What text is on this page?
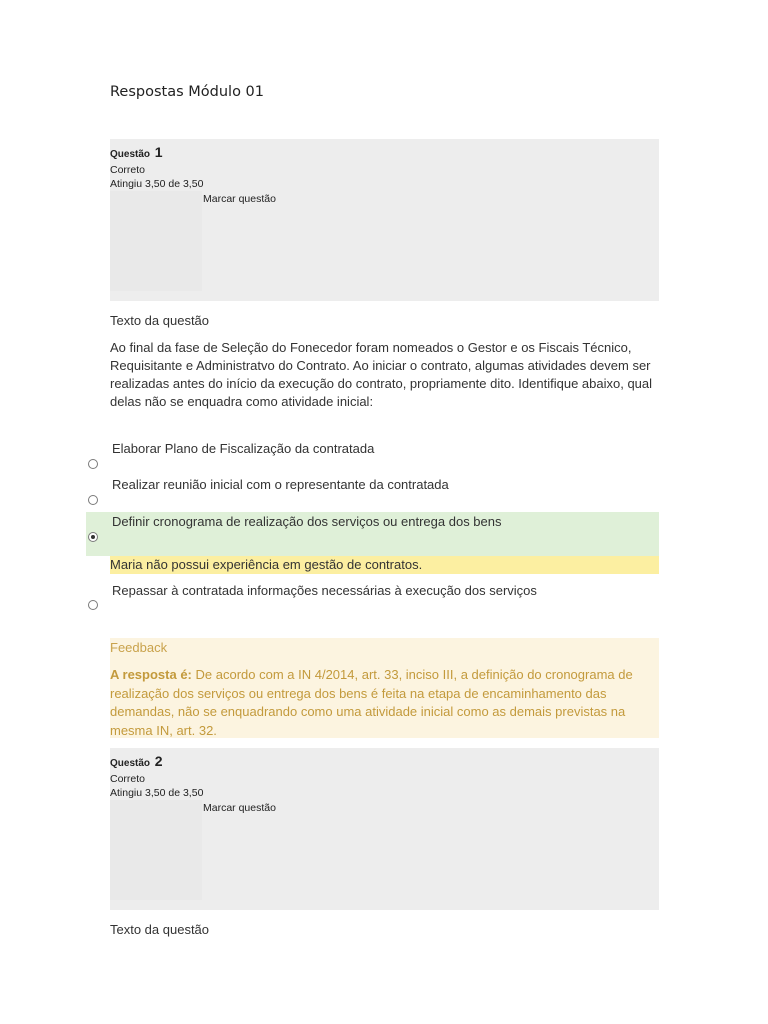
Respostas Módulo 01
Questão 1
Correto
Atingiu 3,50 de 3,50
Marcar questão
Texto da questão
Ao final da fase de Seleção do Fonecedor foram nomeados o Gestor e os Fiscais Técnico, Requisitante e Administratvo do Contrato. Ao iniciar o contrato, algumas atividades devem ser realizadas antes do início da execução do contrato, propriamente dito. Identifique abaixo, qual delas não se enquadra como atividade inicial:
Elaborar Plano de Fiscalização da contratada
Realizar reunião inicial com o representante da contratada
Definir cronograma de realização dos serviços ou entrega dos bens
Maria não possui experiência em gestão de contratos.
Repassar à contratada informações necessárias à execução dos serviços
Feedback
A resposta é: De acordo com a IN 4/2014, art. 33, inciso III, a definição do cronograma de realização dos serviços ou entrega dos bens é feita na etapa de encaminhamento das demandas, não se enquadrando como uma atividade inicial como as demais previstas na mesma IN, art. 32.
Questão 2
Correto
Atingiu 3,50 de 3,50
Marcar questão
Texto da questão
